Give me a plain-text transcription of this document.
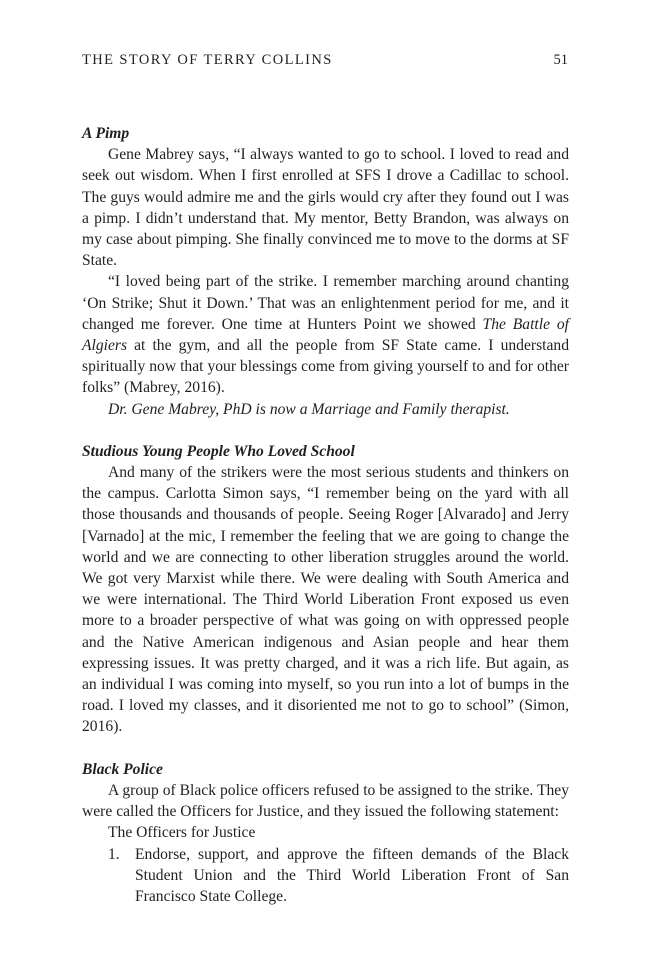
THE STORY OF TERRY COLLINS	51

A Pimp

Gene Mabrey says, “I always wanted to go to school. I loved to read and seek out wisdom. When I first enrolled at SFS I drove a Cadillac to school. The guys would admire me and the girls would cry after they found out I was a pimp. I didn’t understand that. My mentor, Betty Brandon, was always on my case about pimping. She finally convinced me to move to the dorms at SF State.

“I loved being part of the strike. I remember marching around chanting ‘On Strike; Shut it Down.’ That was an enlightenment period for me, and it changed me forever. One time at Hunters Point we showed The Battle of Algiers at the gym, and all the people from SF State came. I understand spiritually now that your blessings come from giving yourself to and for other folks” (Mabrey, 2016).

Dr. Gene Mabrey, PhD is now a Marriage and Family therapist.

Studious Young People Who Loved School

And many of the strikers were the most serious students and thinkers on the campus. Carlotta Simon says, “I remember being on the yard with all those thousands and thousands of people. Seeing Roger [Alvarado] and Jerry [Varnado] at the mic, I remember the feeling that we are going to change the world and we are connecting to other liberation struggles around the world. We got very Marxist while there. We were dealing with South America and we were international. The Third World Liberation Front exposed us even more to a broader perspective of what was going on with oppressed people and the Native American indigenous and Asian people and hear them expressing issues. It was pretty charged, and it was a rich life. But again, as an individual I was coming into myself, so you run into a lot of bumps in the road. I loved my classes, and it disoriented me not to go to school” (Simon, 2016).

Black Police

A group of Black police officers refused to be assigned to the strike. They were called the Officers for Justice, and they issued the following statement:

The Officers for Justice

1. Endorse, support, and approve the fifteen demands of the Black Student Union and the Third World Liberation Front of San Francisco State College.
